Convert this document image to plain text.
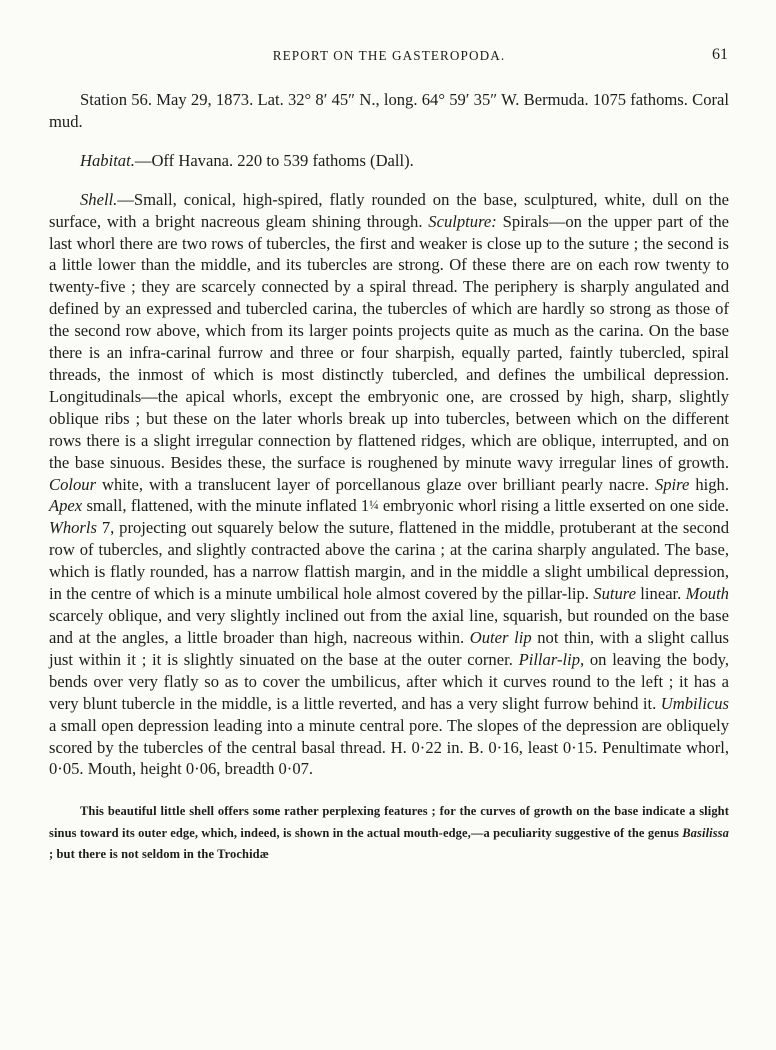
REPORT ON THE GASTEROPODA.	61

Station 56. May 29, 1873. Lat. 32° 8′ 45″ N., long. 64° 59′ 35″ W. Bermuda. 1075 fathoms. Coral mud.

Habitat.—Off Havana. 220 to 539 fathoms (Dall).

Shell.—Small, conical, high-spired, flatly rounded on the base, sculptured, white, dull on the surface, with a bright nacreous gleam shining through. Sculpture: Spirals—on the upper part of the last whorl there are two rows of tubercles, the first and weaker is close up to the suture ; the second is a little lower than the middle, and its tubercles are strong. Of these there are on each row twenty to twenty-five ; they are scarcely connected by a spiral thread. The periphery is sharply angulated and defined by an expressed and tubercled carina, the tubercles of which are hardly so strong as those of the second row above, which from its larger points projects quite as much as the carina. On the base there is an infra-carinal furrow and three or four sharpish, equally parted, faintly tubercled, spiral threads, the inmost of which is most distinctly tubercled, and defines the umbilical depression. Longitudinals—the apical whorls, except the embryonic one, are crossed by high, sharp, slightly oblique ribs ; but these on the later whorls break up into tubercles, between which on the different rows there is a slight irregular connection by flattened ridges, which are oblique, interrupted, and on the base sinuous. Besides these, the surface is roughened by minute wavy irregular lines of growth. Colour white, with a translucent layer of porcellanous glaze over brilliant pearly nacre. Spire high. Apex small, flattened, with the minute inflated 1¼ embryonic whorl rising a little exserted on one side. Whorls 7, projecting out squarely below the suture, flattened in the middle, protuberant at the second row of tubercles, and slightly contracted above the carina ; at the carina sharply angulated. The base, which is flatly rounded, has a narrow flattish margin, and in the middle a slight umbilical depression, in the centre of which is a minute umbilical hole almost covered by the pillar-lip. Suture linear. Mouth scarcely oblique, and very slightly inclined out from the axial line, squarish, but rounded on the base and at the angles, a little broader than high, nacreous within. Outer lip not thin, with a slight callus just within it ; it is slightly sinuated on the base at the outer corner. Pillar-lip, on leaving the body, bends over very flatly so as to cover the umbilicus, after which it curves round to the left ; it has a very blunt tubercle in the middle, is a little reverted, and has a very slight furrow behind it. Umbilicus a small open depression leading into a minute central pore. The slopes of the depression are obliquely scored by the tubercles of the central basal thread. H. 0·22 in. B. 0·16, least 0·15. Penultimate whorl, 0·05. Mouth, height 0·06, breadth 0·07.

This beautiful little shell offers some rather perplexing features ; for the curves of growth on the base indicate a slight sinus toward its outer edge, which, indeed, is shown in the actual mouth-edge,—a peculiarity suggestive of the genus Basilissa ; but there is not seldom in the Trochidæ
